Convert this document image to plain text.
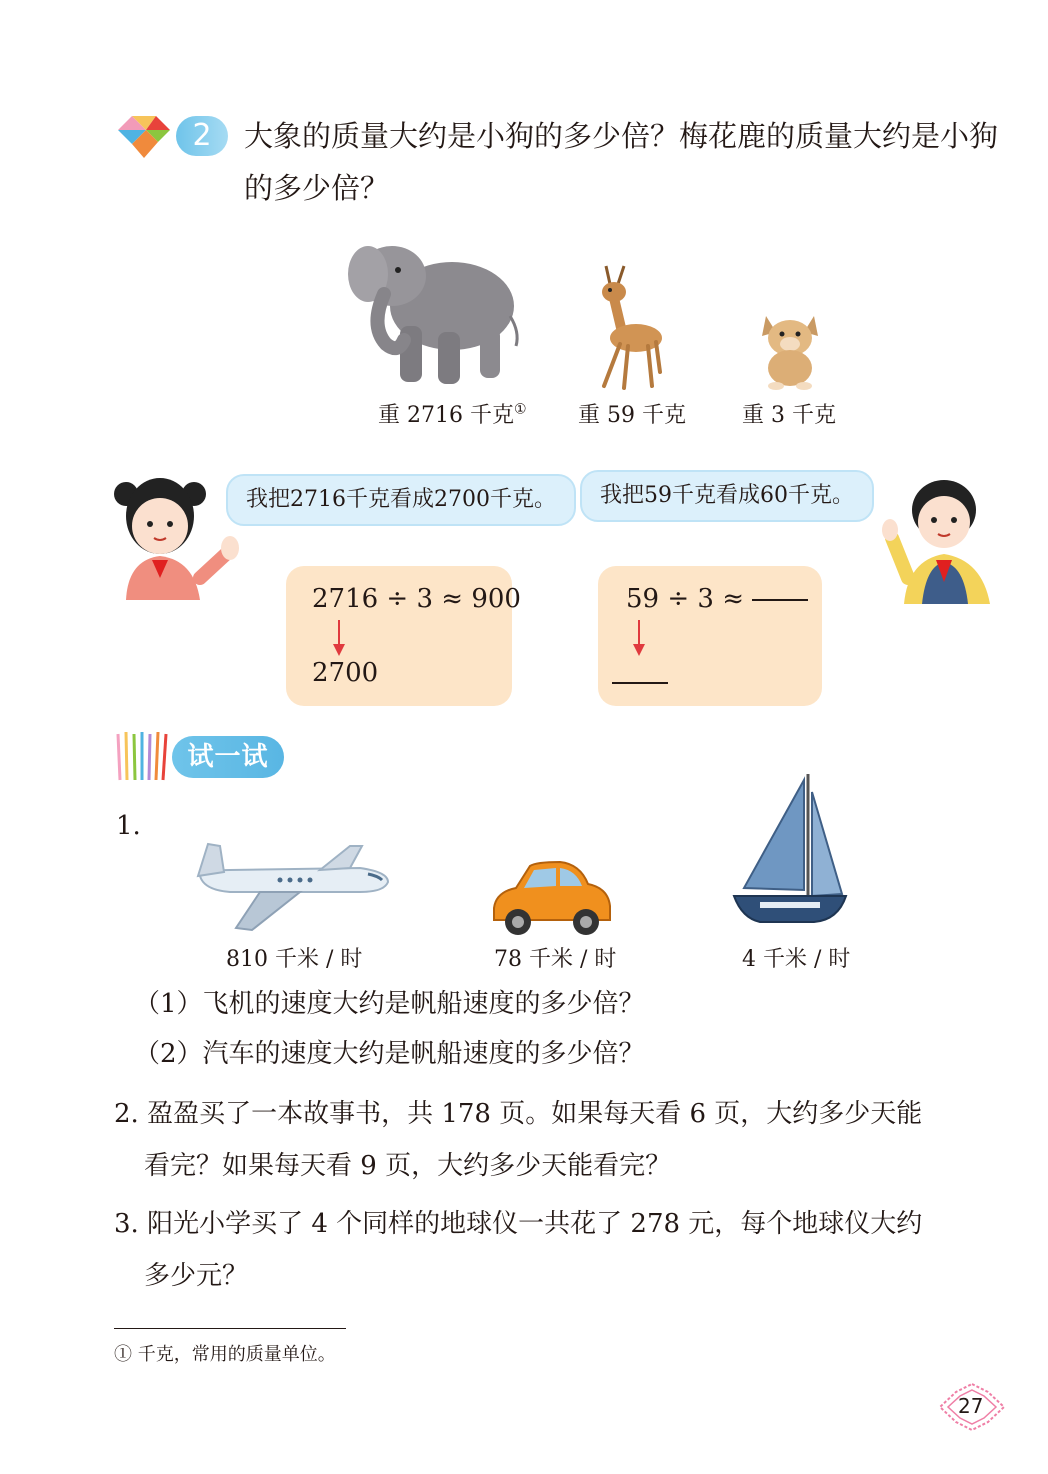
2	大象的质量大约是小狗的多少倍？梅花鹿的质量大约是小狗
的多少倍？
重 2716 千克① 重 59 千克	重 3 千克
我把2716千克看成2700千克。	我把59千克看成60千克。
2716 ÷ 3 ≈ 900
2700
59 ÷ 3 ≈
试一试
1.
810 千米 / 时	78 千米 / 时	4 千米 / 时
（1）飞机的速度大约是帆船速度的多少倍？
（2）汽车的速度大约是帆船速度的多少倍？
2. 盈盈买了一本故事书，共 178 页。如果每天看 6 页，大约多少天能
看完？如果每天看 9 页，大约多少天能看完？
3. 阳光小学买了 4 个同样的地球仪一共花了 278 元，每个地球仪大约
多少元？
① 千克，常用的质量单位。
27
